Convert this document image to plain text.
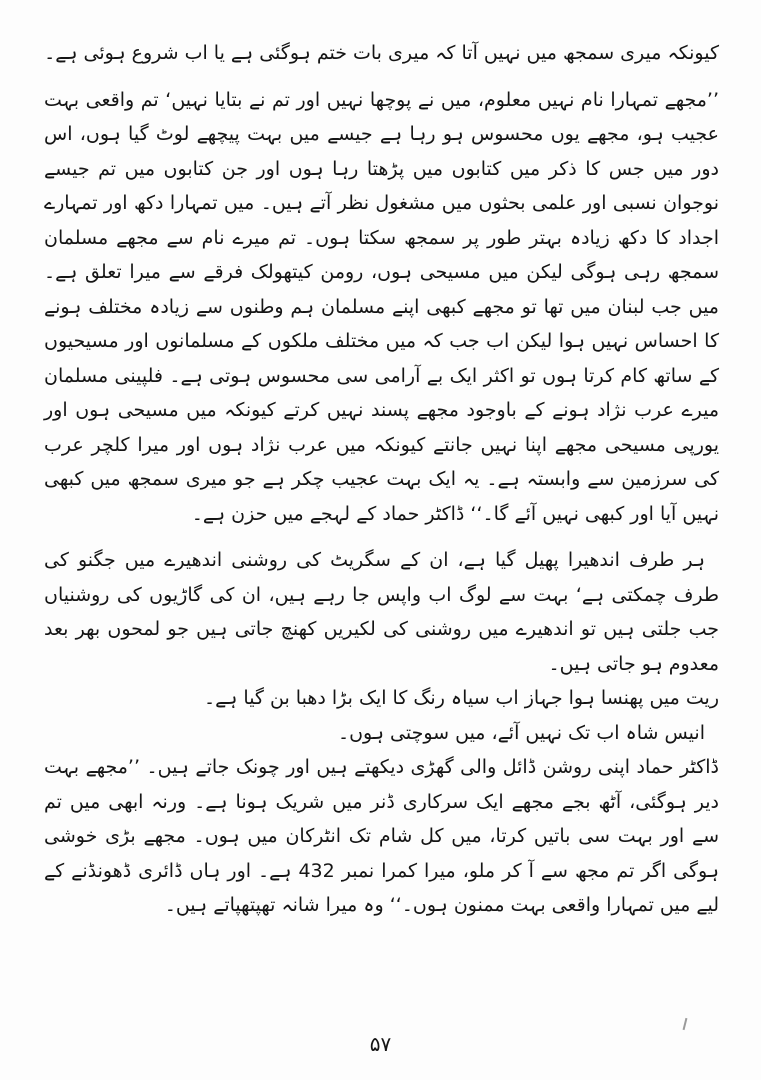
کیونکہ میری سمجھ میں نہیں آتا کہ میری بات ختم ہوگئی ہے یا اب شروع ہوئی ہے۔

’’مجھے تمہارا نام نہیں معلوم، میں نے پوچھا نہیں اور تم نے بتایا نہیں‘ تم واقعی بہت عجیب ہو، مجھے یوں محسوس ہو رہا ہے جیسے میں بہت پیچھے لوٹ گیا ہوں، اس دور میں جس کا ذکر میں کتابوں میں پڑھتا رہا ہوں اور جن کتابوں میں تم جیسے نوجوان نسبی اور علمی بحثوں میں مشغول نظر آتے ہیں۔ میں تمہارا دکھ اور تمہارے اجداد کا دکھ زیادہ بہتر طور پر سمجھ سکتا ہوں۔ تم میرے نام سے مجھے مسلمان سمجھ رہی ہوگی لیکن میں مسیحی ہوں، رومن کیتھولک فرقے سے میرا تعلق ہے۔ میں جب لبنان میں تھا تو مجھے کبھی اپنے مسلمان ہم وطنوں سے زیادہ مختلف ہونے کا احساس نہیں ہوا لیکن اب جب کہ میں مختلف ملکوں کے مسلمانوں اور مسیحیوں کے ساتھ کام کرتا ہوں تو اکثر ایک بے آرامی سی محسوس ہوتی ہے۔ فلپینی مسلمان میرے عرب نژاد ہونے کے باوجود مجھے پسند نہیں کرتے کیونکہ میں مسیحی ہوں اور یورپی مسیحی مجھے اپنا نہیں جانتے کیونکہ میں عرب نژاد ہوں اور میرا کلچر عرب کی سرزمین سے وابستہ ہے۔ یہ ایک بہت عجیب چکر ہے جو میری سمجھ میں کبھی نہیں آیا اور کبھی نہیں آئے گا۔‘‘ ڈاکٹر حماد کے لہجے میں حزن ہے۔

ہر طرف اندھیرا پھیل گیا ہے، ان کے سگریٹ کی روشنی اندھیرے میں جگنو کی طرف چمکتی ہے‘ بہت سے لوگ اب واپس جا رہے ہیں، ان کی گاڑیوں کی روشنیاں جب جلتی ہیں تو اندھیرے میں روشنی کی لکیریں کھنچ جاتی ہیں جو لمحوں بھر بعد معدوم ہو جاتی ہیں۔

ریت میں پھنسا ہوا جہاز اب سیاہ رنگ کا ایک بڑا دھبا بن گیا ہے۔

انیس شاہ اب تک نہیں آئے، میں سوچتی ہوں۔

ڈاکٹر حماد اپنی روشن ڈائل والی گھڑی دیکھتے ہیں اور چونک جاتے ہیں۔ ’’مجھے بہت دیر ہوگئی، آٹھ بجے مجھے ایک سرکاری ڈنر میں شریک ہونا ہے۔ ورنہ ابھی میں تم سے اور بہت سی باتیں کرتا، میں کل شام تک انٹرکان میں ہوں۔ مجھے بڑی خوشی ہوگی اگر تم مجھ سے آ کر ملو، میرا کمرا نمبر 432 ہے۔ اور ہاں ڈائری ڈھونڈنے کے لیے میں تمہارا واقعی بہت ممنون ہوں۔‘‘ وہ میرا شانہ تھپتھپاتے ہیں۔

۵۷
